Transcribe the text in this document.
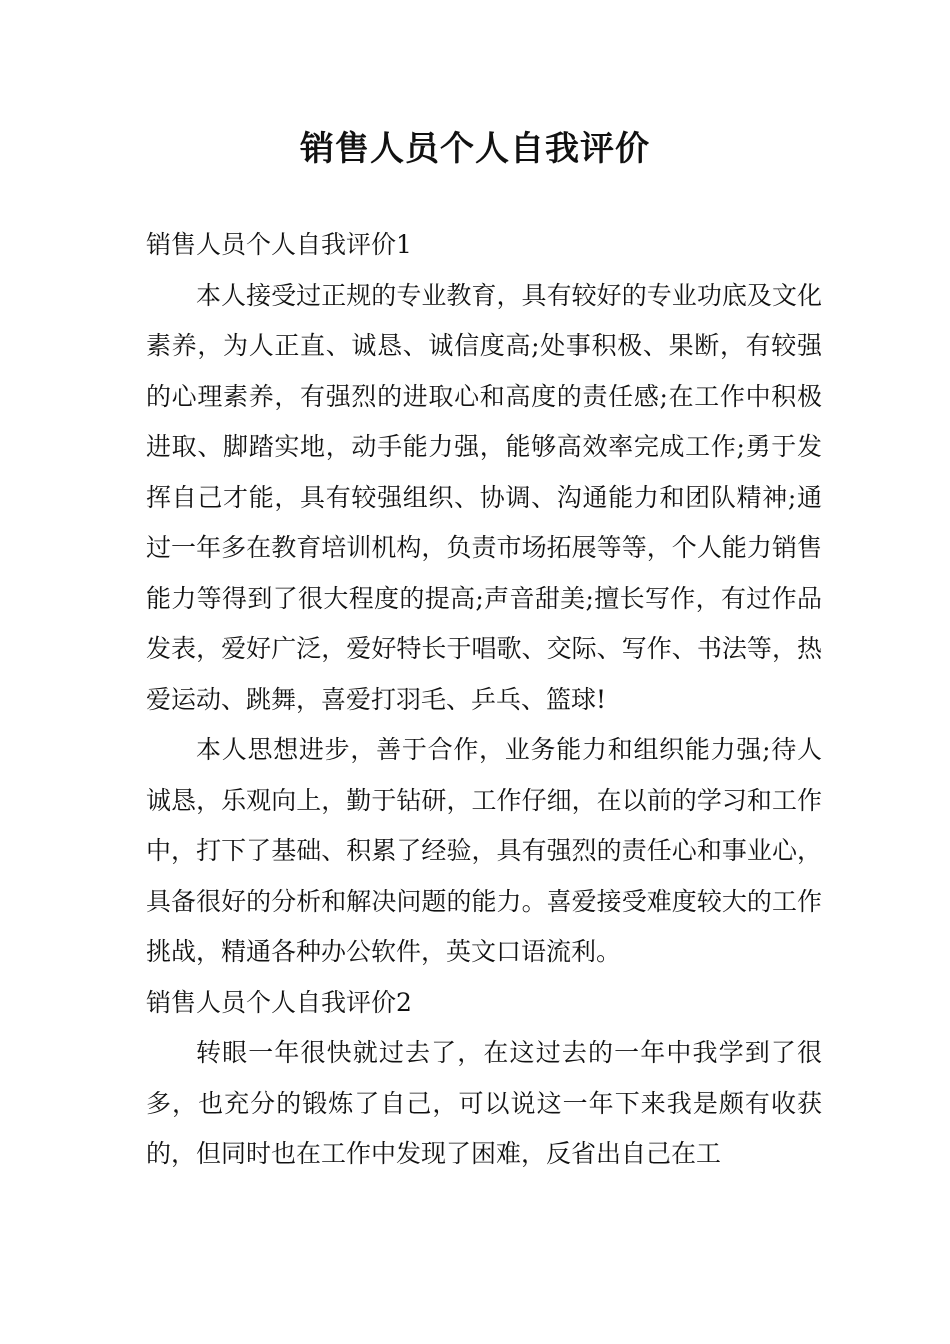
销售人员个人自我评价
销售人员个人自我评价1

本人接受过正规的专业教育，具有较好的专业功底及文化素养，为人正直、诚恳、诚信度高;处事积极、果断，有较强的心理素养，有强烈的进取心和高度的责任感;在工作中积极进取、脚踏实地，动手能力强，能够高效率完成工作;勇于发挥自己才能，具有较强组织、协调、沟通能力和团队精神;通过一年多在教育培训机构，负责市场拓展等等，个人能力销售能力等得到了很大程度的提高;声音甜美;擅长写作，有过作品发表，爱好广泛，爱好特长于唱歌、交际、写作、书法等，热爱运动、跳舞，喜爱打羽毛、乒乓、篮球!

本人思想进步，善于合作，业务能力和组织能力强;待人诚恳，乐观向上，勤于钻研，工作仔细，在以前的学习和工作中，打下了基础、积累了经验，具有强烈的责任心和事业心，具备很好的分析和解决问题的能力。喜爱接受难度较大的工作挑战，精通各种办公软件，英文口语流利。

销售人员个人自我评价2

转眼一年很快就过去了，在这过去的一年中我学到了很多，也充分的锻炼了自己，可以说这一年下来我是颇有收获的，但同时也在工作中发现了困难，反省出自己在工
